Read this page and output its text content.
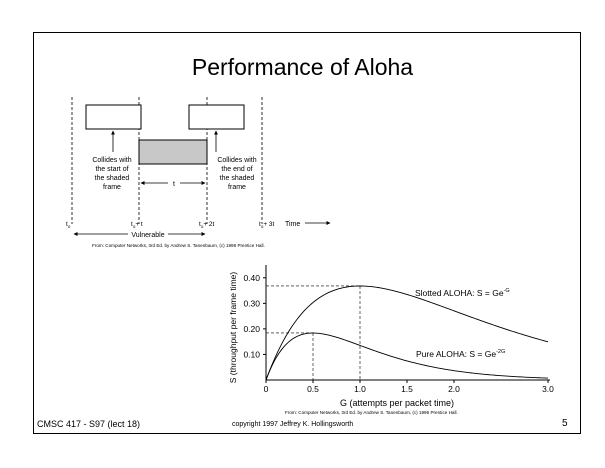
Performance of Aloha
Collides with
the start of
the shaded
frame
Collides with
the end of
the shaded
frame
t
$t_o$	$t_o+ t$	$t_o+ 2t$	$t_o+ 3t$ Time
Vulnerable
From: Computer Networks, 3rd Ed. by Andrew S. Tanenbaum, (c) 1996 Prentice Hall.
0.10
0.20
0.30
0.40
0	0.5	1.0	1.5	2.0	3.0
G (attempts per packet time)
S (throughput per frame time)	Slotted ALOHA: $S = Ge^{-G}$
Pure ALOHA: $S = Ge^{-2G}$
From: Computer Networks, 3rd Ed. by Andrew S. Tanenbaum, (c) 1996 Prentice Hall.
CMSC 417 - S97 (lect 18)	copyright 1997 Jeffrey K. Hollingsworth	5
